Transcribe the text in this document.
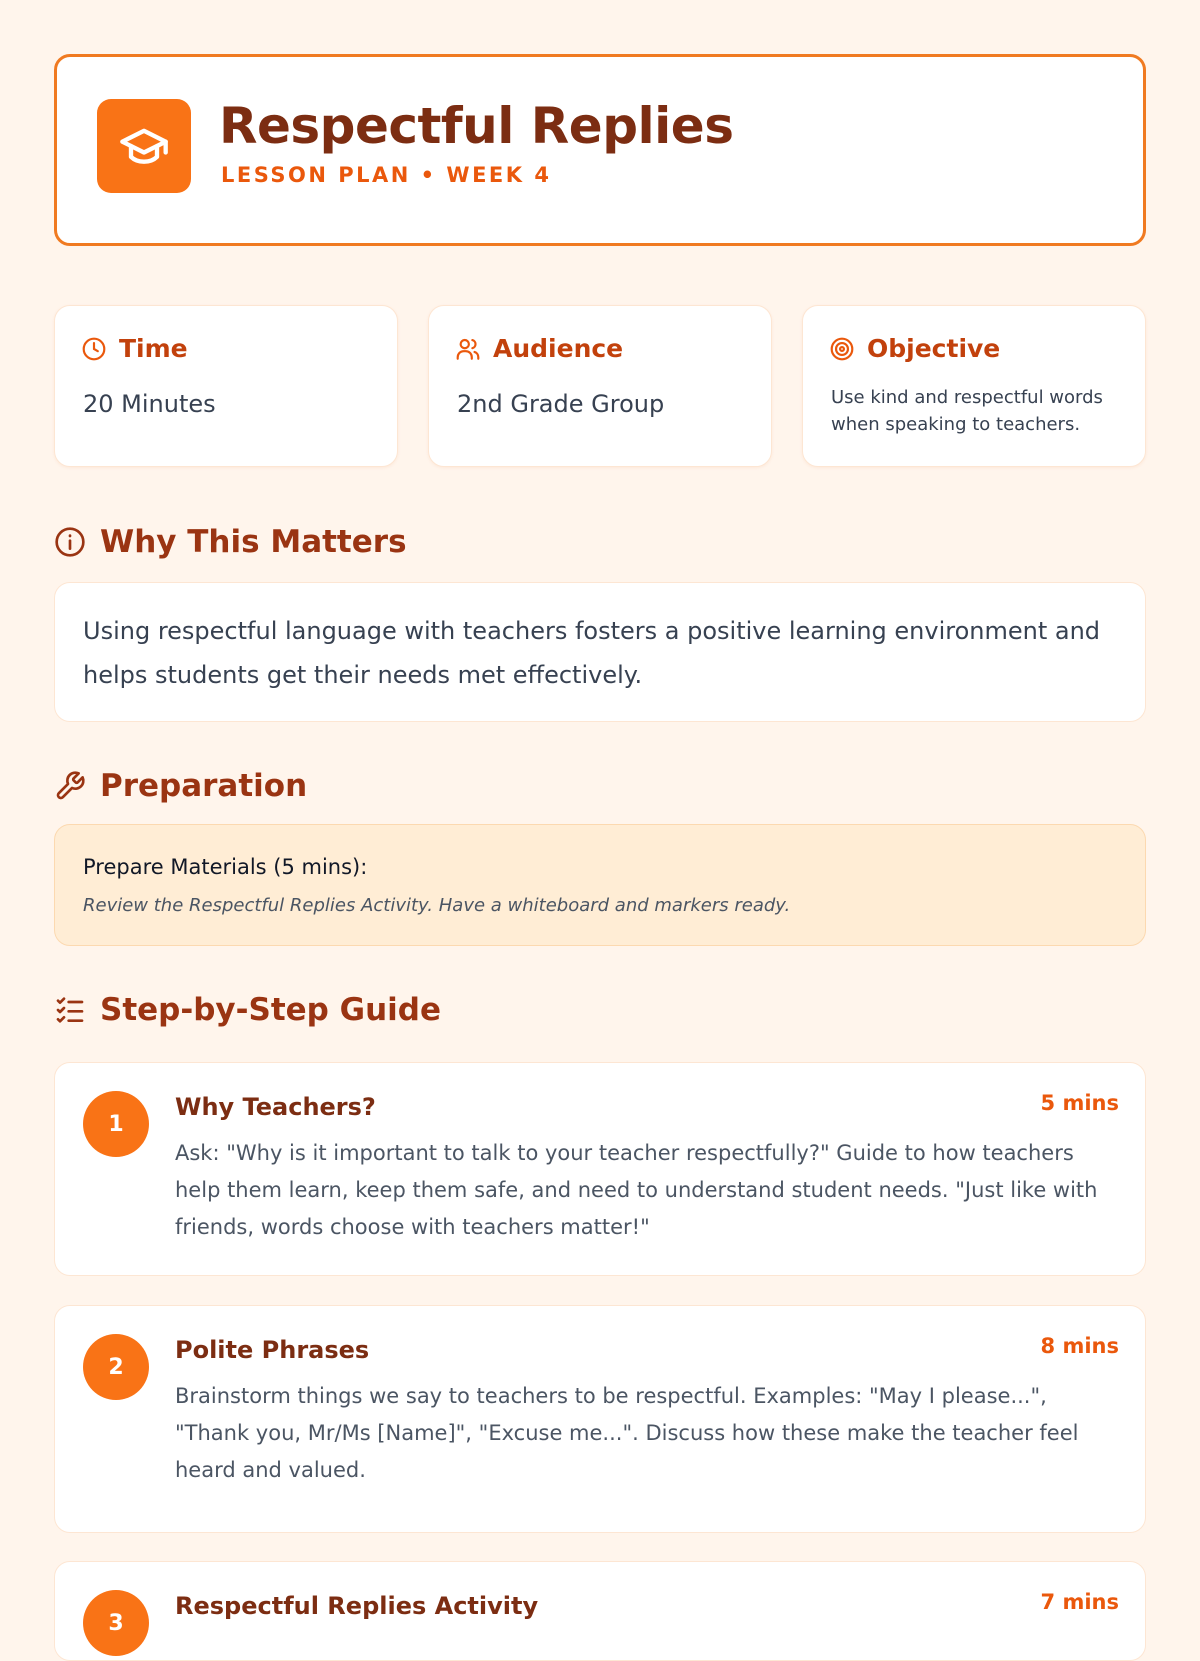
Respectful Replies
LESSON PLAN • WEEK 4
Time
20 Minutes
Audience
2nd Grade Group
Objective
Use kind and respectful words when speaking to teachers.
Why This Matters
Using respectful language with teachers fosters a positive learning environment and helps students get their needs met effectively.
Preparation
Prepare Materials (5 mins):
Review the Respectful Replies Activity. Have a whiteboard and markers ready.
Step-by-Step Guide
1
Why Teachers?	5 mins
Ask: "Why is it important to talk to your teacher respectfully?" Guide to how teachers help them learn, keep them safe, and need to understand student needs. "Just like with friends, words choose with teachers matter!"
2
Polite Phrases	8 mins
Brainstorm things we say to teachers to be respectful. Examples: "May I please...", "Thank you, Mr/Ms [Name]", "Excuse me...". Discuss how these make the teacher feel heard and valued.
3
Respectful Replies Activity	7 mins
